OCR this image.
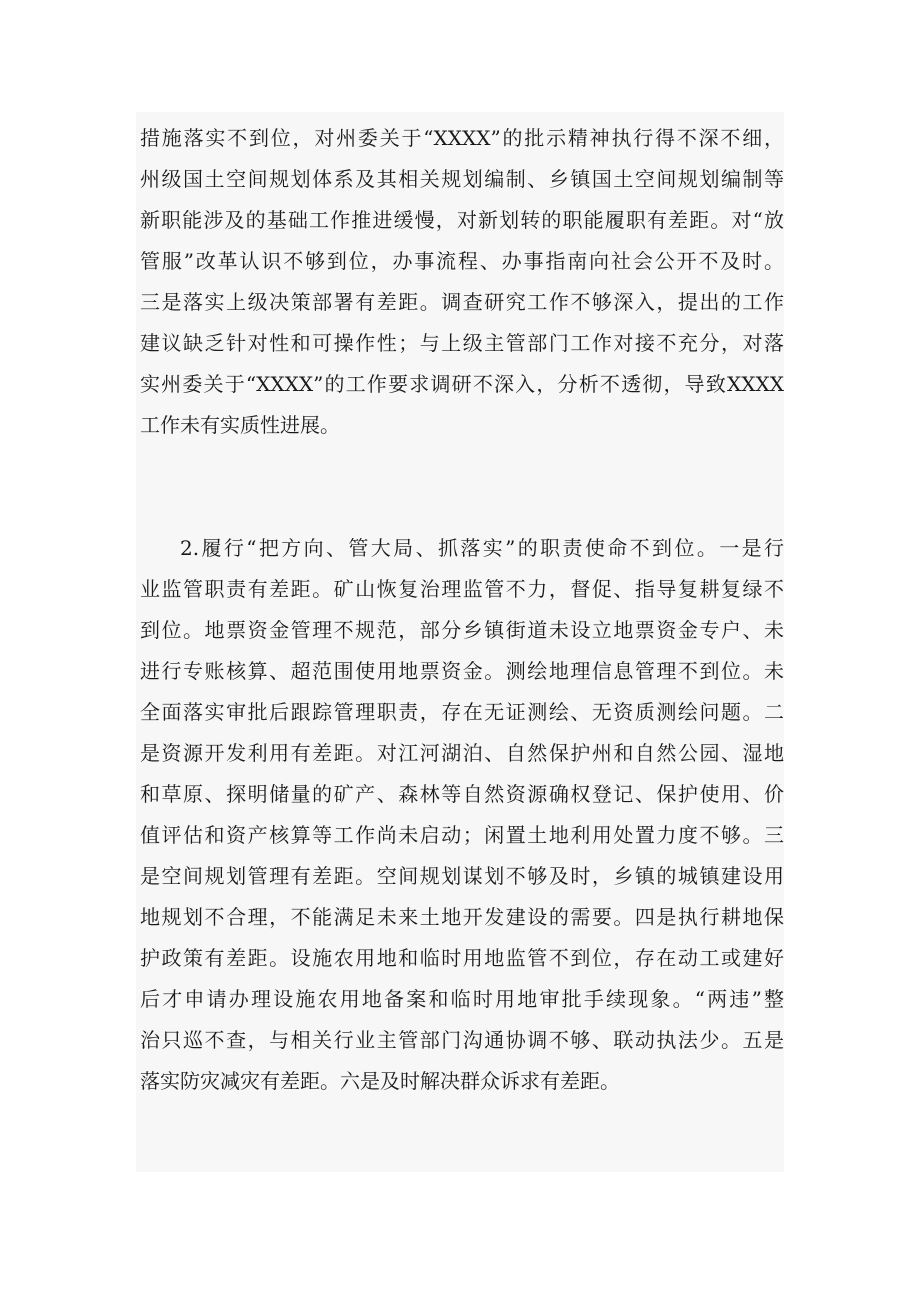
措施落实不到位，对州委关于“XXXX”的批示精神执行得不深不细，
州级国土空间规划体系及其相关规划编制、乡镇国土空间规划编制等
新职能涉及的基础工作推进缓慢，对新划转的职能履职有差距。对“放
管服”改革认识不够到位，办事流程、办事指南向社会公开不及时。
三是落实上级决策部署有差距。调查研究工作不够深入，提出的工作
建议缺乏针对性和可操作性；与上级主管部门工作对接不充分，对落
实州委关于“XXXX”的工作要求调研不深入，分析不透彻，导致XXXX
工作未有实质性进展。
2.履行“把方向、管大局、抓落实”的职责使命不到位。一是行
业监管职责有差距。矿山恢复治理监管不力，督促、指导复耕复绿不
到位。地票资金管理不规范，部分乡镇街道未设立地票资金专户、未
进行专账核算、超范围使用地票资金。测绘地理信息管理不到位。未
全面落实审批后跟踪管理职责，存在无证测绘、无资质测绘问题。二
是资源开发利用有差距。对江河湖泊、自然保护州和自然公园、湿地
和草原、探明储量的矿产、森林等自然资源确权登记、保护使用、价
值评估和资产核算等工作尚未启动；闲置土地利用处置力度不够。三
是空间规划管理有差距。空间规划谋划不够及时，乡镇的城镇建设用
地规划不合理，不能满足未来土地开发建设的需要。四是执行耕地保
护政策有差距。设施农用地和临时用地监管不到位，存在动工或建好
后才申请办理设施农用地备案和临时用地审批手续现象。“两违”整
治只巡不查，与相关行业主管部门沟通协调不够、联动执法少。五是
落实防灾减灾有差距。六是及时解决群众诉求有差距。
